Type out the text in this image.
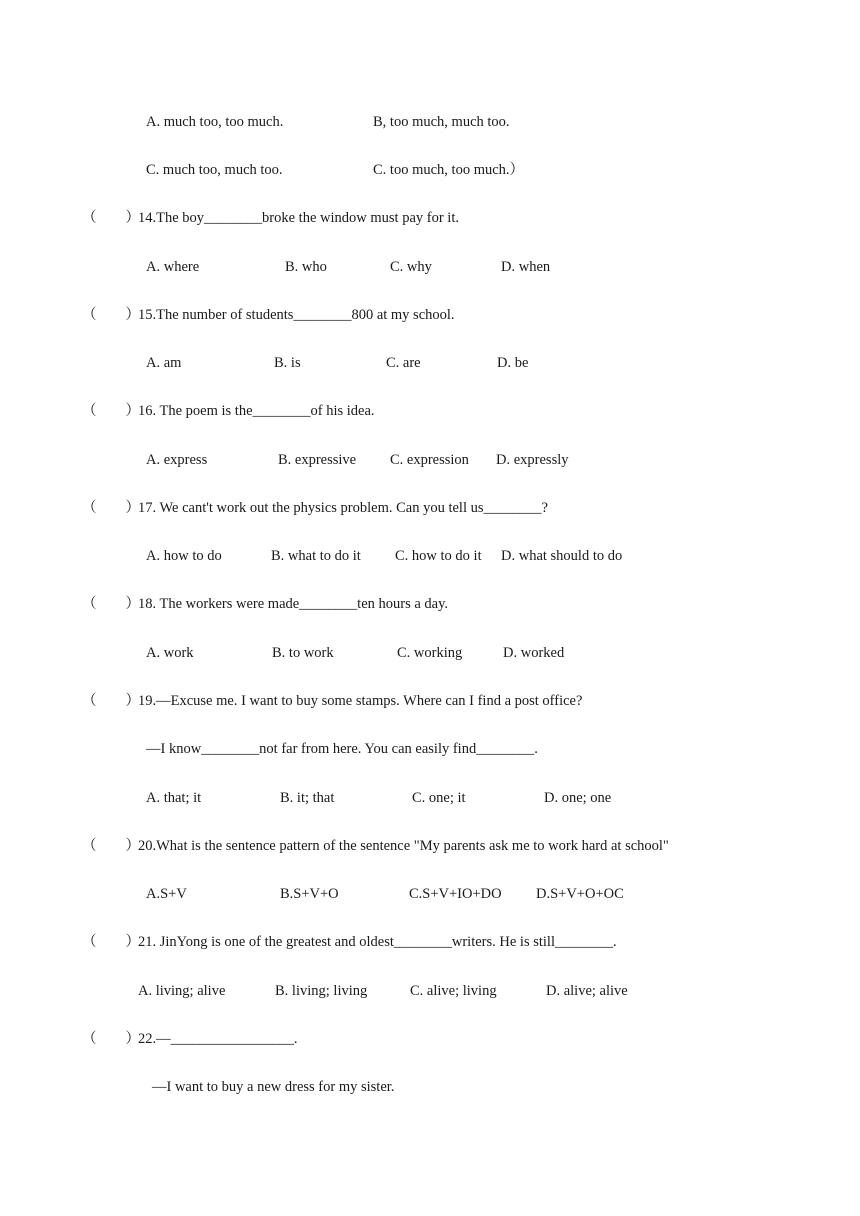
A. much too, too much.	B, too much, much too.
C. much too, much too.	C. too much, too much.）
（        ）
14.The boy________broke the window must pay for it.
A. where	B. who	C. why	D. when
（        ）
15.The number of students________800 at my school.
A. am	B. is	C. are	D. be
（        ）
16. The poem is the________of his idea.
A. express	B. expressive C. expression D. expressly
（        ）
17. We cant't work out the physics problem. Can you tell us________?
A. how to do	B. what to do it C. how to do it D. what should to do
（        ）
18. The workers were made________ten hours a day.
A. work	B. to work	C. working	D. worked
（        ）
19.—Excuse me. I want to buy some stamps. Where can I find a post office?
—I know________not far from here. You can easily find________.
A. that; it	B. it; that	C. one; it	D. one; one
（        ）
20.What is the sentence pattern of the sentence "My parents ask me to work hard at school"
A.S+V	B.S+V+O	C.S+V+IO+DO D.S+V+O+OC
（        ）
21. JinYong is one of the greatest and oldest________writers. He is still________.
A. living; alive	B. living; living	C. alive; living	D. alive; alive
（        ）
22.—_________________.
—I want to buy a new dress for my sister.
